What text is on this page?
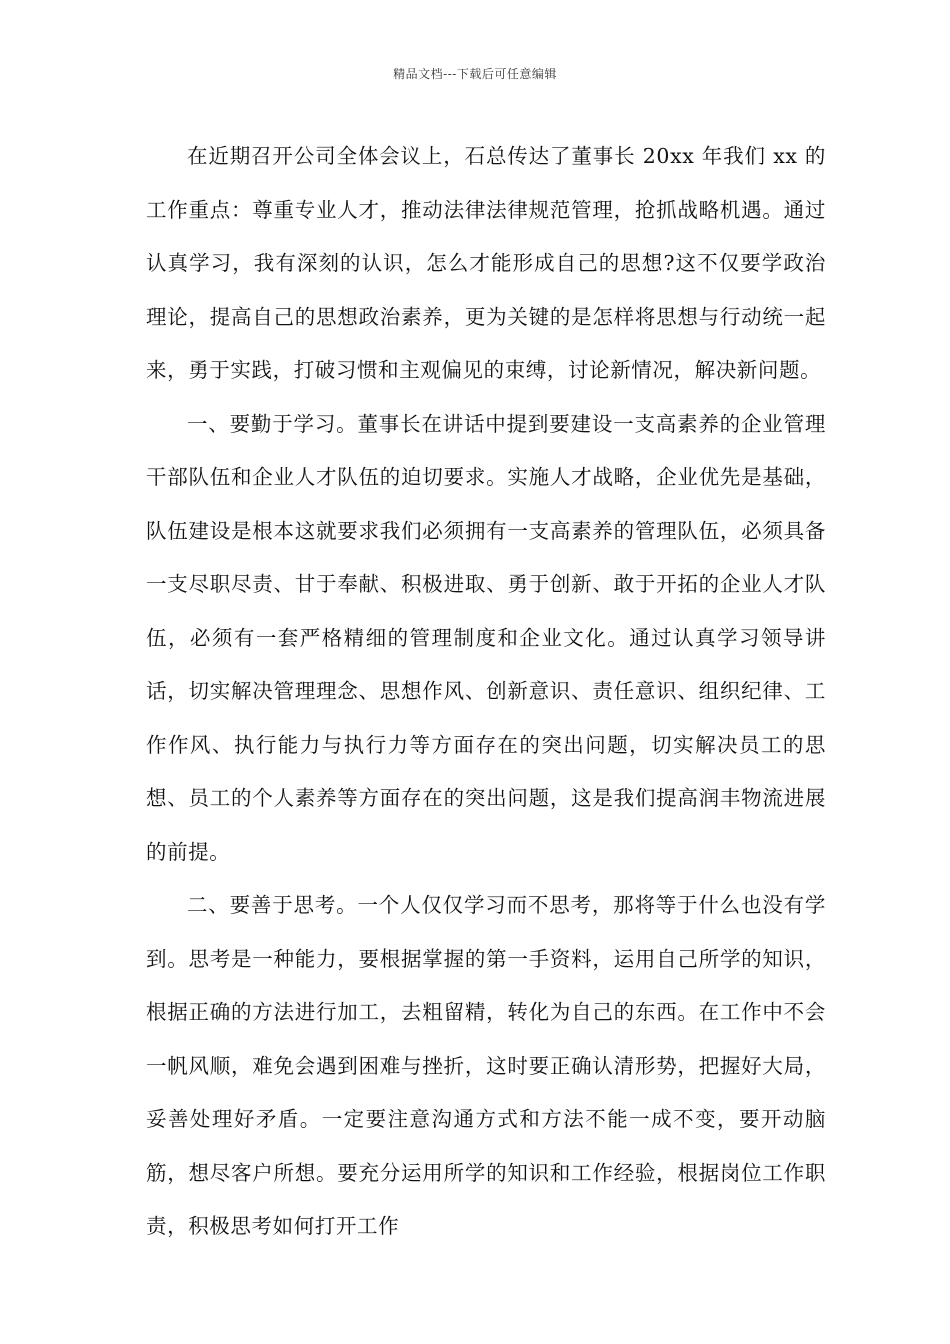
精品文档---下载后可任意编辑

在近期召开公司全体会议上，石总传达了董事长 20xx 年我们 xx 的工作重点：尊重专业人才，推动法律法律规范管理，抢抓战略机遇。通过认真学习，我有深刻的认识，怎么才能形成自己的思想?这不仅要学政治理论，提高自己的思想政治素养，更为关键的是怎样将思想与行动统一起来，勇于实践，打破习惯和主观偏见的束缚，讨论新情况，解决新问题。

一、要勤于学习。董事长在讲话中提到要建设一支高素养的企业管理干部队伍和企业人才队伍的迫切要求。实施人才战略，企业优先是基础，队伍建设是根本这就要求我们必须拥有一支高素养的管理队伍，必须具备一支尽职尽责、甘于奉献、积极进取、勇于创新、敢于开拓的企业人才队伍，必须有一套严格精细的管理制度和企业文化。通过认真学习领导讲话，切实解决管理理念、思想作风、创新意识、责任意识、组织纪律、工作作风、执行能力与执行力等方面存在的突出问题，切实解决员工的思想、员工的个人素养等方面存在的突出问题，这是我们提高润丰物流进展的前提。

二、要善于思考。一个人仅仅学习而不思考，那将等于什么也没有学到。思考是一种能力，要根据掌握的第一手资料，运用自己所学的知识，根据正确的方法进行加工，去粗留精，转化为自己的东西。在工作中不会一帆风顺，难免会遇到困难与挫折，这时要正确认清形势，把握好大局，妥善处理好矛盾。一定要注意沟通方式和方法不能一成不变，要开动脑筋，想尽客户所想。要充分运用所学的知识和工作经验，根据岗位工作职责，积极思考如何打开工作
